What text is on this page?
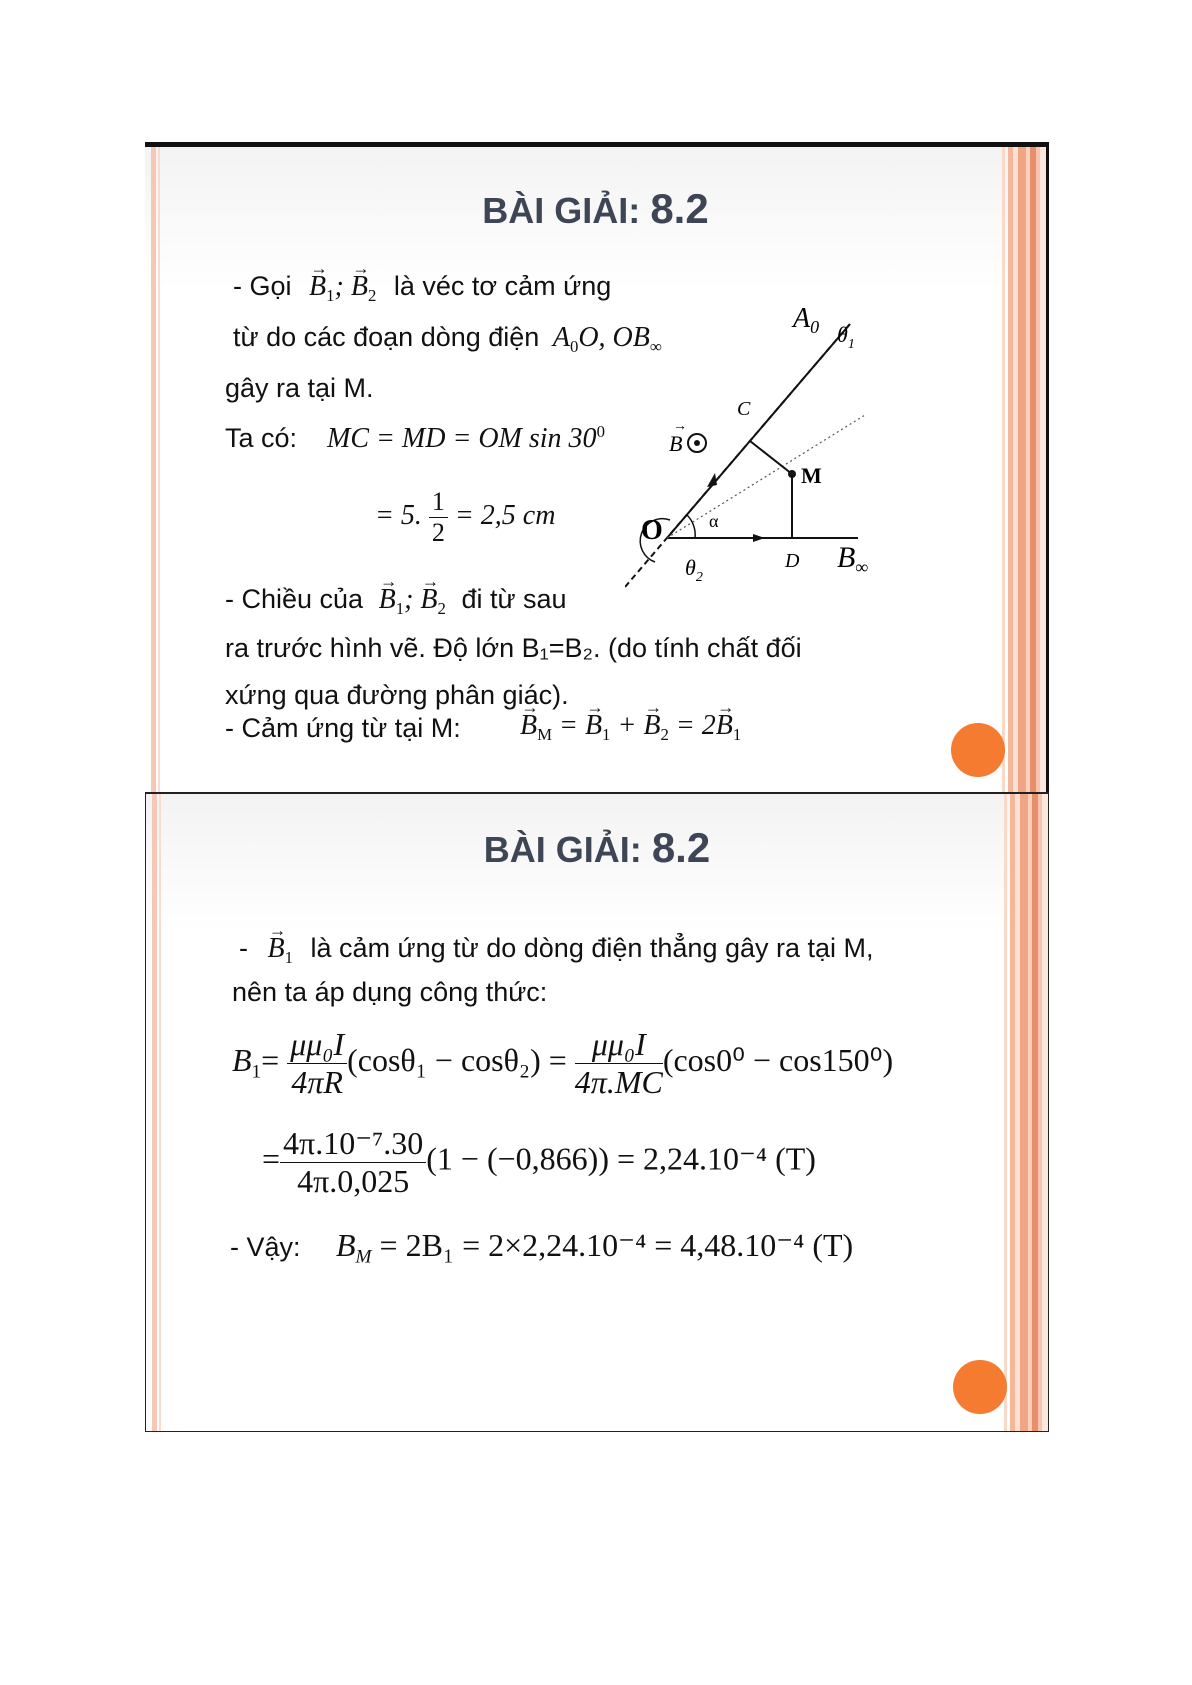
BÀI GIẢI: 8.2
- Gọi → $B_1$; → $B_2$ là véc tơ cảm ứng
từ do các đoạn dòng điện $A_0O$, $OB_\infty$
gây ra tại M.
Ta có: MC = MD = OM $\sin 30^0$
= 5. $\frac{1}{2} = 2,5$ cm
- Chiều của → $B_1$; → $B_2$ đi từ sau
ra trước hình vẽ. Độ lớn B₁=B₂. (do tính chất đối
xứng qua đường phân giác).
- Cảm ứng từ tại M: → $B_M$ = → $B_1$ + → $B_2 = 2\to B_1$
$A_0$ $\theta_1$
C
B
→
M
O	α
D $B_\infty$
$\theta_2$
BÀI GIẢI: 8.2
- → $B_1$ là cảm ứng từ do dòng điện thẳng gây ra tại M,
nên ta áp dụng công thức:
$B_1= \frac{\text{μμ₀I}}{4\pi R} (\cos\theta_1 - \cos\theta_2) = \frac{\text{μμ₀I}}{4\pi.MC} (\cos 0^0 - \cos 150^0)$
= $\frac{\text{4π.10⁻⁷.30}}{4\pi.0,025} (1 - (-0,866)) = 2,24.10^{-4}$ (T)
- Vậy: $B_M = 2B_1 = 2\times 2,24.10^{-4} = 4,48.10^{-4}$ (T)
